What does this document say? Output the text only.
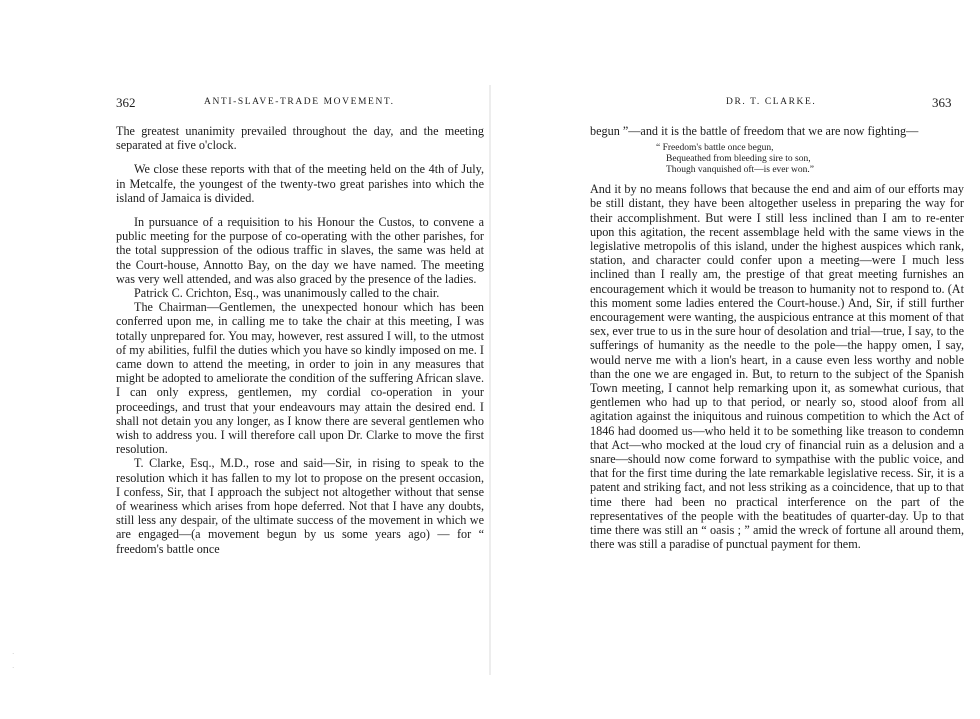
362	ANTI-SLAVE-TRADE MOVEMENT.

The greatest unanimity prevailed throughout the day, and the meeting separated at five o'clock.

We close these reports with that of the meeting held on the 4th of July, in Metcalfe, the youngest of the twenty-two great parishes into which the island of Jamaica is divided.

In pursuance of a requisition to his Honour the Custos, to convene a public meeting for the purpose of co-operating with the other parishes, for the total suppression of the odious traffic in slaves, the same was held at the Court-house, Annotto Bay, on the day we have named. The meeting was very well attended, and was also graced by the presence of the ladies.

Patrick C. Crichton, Esq., was unanimously called to the chair.

The Chairman—Gentlemen, the unexpected honour which has been conferred upon me, in calling me to take the chair at this meeting, I was totally unprepared for. You may, however, rest assured I will, to the utmost of my abilities, fulfil the duties which you have so kindly imposed on me. I came down to attend the meeting, in order to join in any measures that might be adopted to ameliorate the condition of the suffering African slave. I can only express, gentlemen, my cordial co-operation in your proceedings, and trust that your endeavours may attain the desired end. I shall not detain you any longer, as I know there are several gentlemen who wish to address you. I will therefore call upon Dr. Clarke to move the first resolution.

T. Clarke, Esq., M.D., rose and said—Sir, in rising to speak to the resolution which it has fallen to my lot to propose on the present occasion, I confess, Sir, that I approach the subject not altogether without that sense of weariness which arises from hope deferred. Not that I have any doubts, still less any despair, of the ultimate success of the movement in which we are engaged—(a movement begun by us some years ago) — for “ freedom's battle once

·
·
DR. T. CLARKE.	363

begun ”—and it is the battle of freedom that we are now fighting—

“ Freedom's battle once begun,
Bequeathed from bleeding sire to son,
Though vanquished oft—is ever won.”

And it by no means follows that because the end and aim of our efforts may be still distant, they have been altogether useless in preparing the way for their accomplishment. But were I still less inclined than I am to re-enter upon this agitation, the recent assemblage held with the same views in the legislative metropolis of this island, under the highest auspices which rank, station, and character could confer upon a meeting—were I much less inclined than I really am, the prestige of that great meeting furnishes an encouragement which it would be treason to humanity not to respond to. (At this moment some ladies entered the Court-house.) And, Sir, if still further encouragement were wanting, the auspicious entrance at this moment of that sex, ever true to us in the sure hour of desolation and trial—true, I say, to the sufferings of humanity as the needle to the pole—the happy omen, I say, would nerve me with a lion's heart, in a cause even less worthy and noble than the one we are engaged in. But, to return to the subject of the Spanish Town meeting, I cannot help remarking upon it, as somewhat curious, that gentlemen who had up to that period, or nearly so, stood aloof from all agitation against the iniquitous and ruinous competition to which the Act of 1846 had doomed us—who held it to be something like treason to condemn that Act—who mocked at the loud cry of financial ruin as a delusion and a snare—should now come forward to sympathise with the public voice, and that for the first time during the late remarkable legislative recess. Sir, it is a patent and striking fact, and not less striking as a coincidence, that up to that time there had been no practical interference on the part of the representatives of the people with the beatitudes of quarter-day. Up to that time there was still an “ oasis ; ” amid the wreck of fortune all around them, there was still a paradise of punctual payment for them.
